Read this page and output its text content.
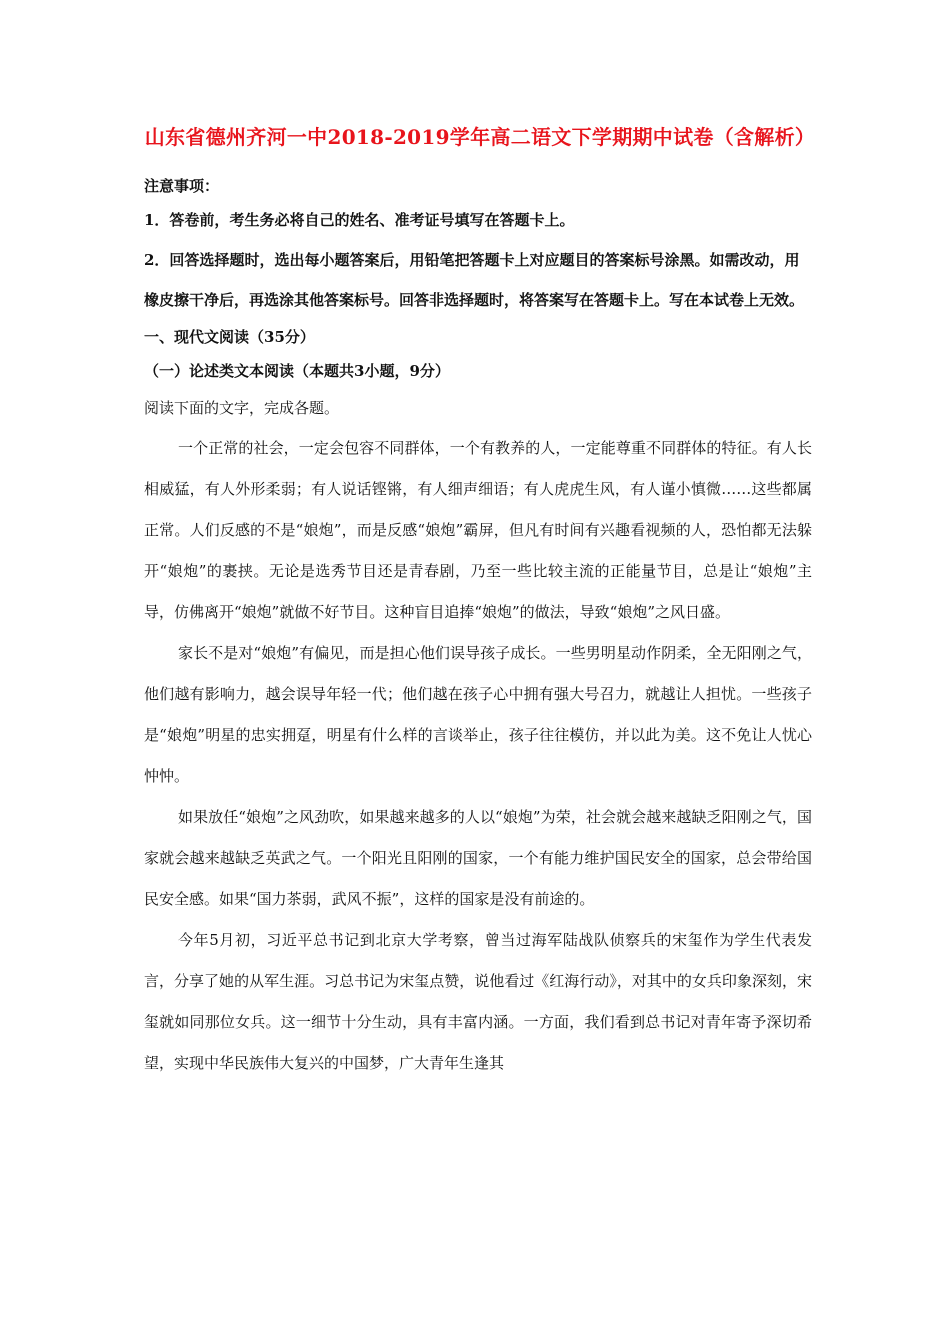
山东省德州齐河一中2018-2019学年高二语文下学期期中试卷（含解析）
注意事项：

1．答卷前，考生务必将自己的姓名、准考证号填写在答题卡上。

2．回答选择题时，选出每小题答案后，用铅笔把答题卡上对应题目的答案标号涂黑。如需改动，用橡皮擦干净后，再选涂其他答案标号。回答非选择题时，将答案写在答题卡上。写在本试卷上无效。

一、现代文阅读（35分）

（一）论述类文本阅读（本题共3小题，9分）

阅读下面的文字，完成各题。

一个正常的社会，一定会包容不同群体，一个有教养的人，一定能尊重不同群体的特征。有人长相威猛，有人外形柔弱；有人说话铿锵，有人细声细语；有人虎虎生风，有人谨小慎微……这些都属正常。人们反感的不是“娘炮”，而是反感“娘炮”霸屏，但凡有时间有兴趣看视频的人，恐怕都无法躲开“娘炮”的裹挟。无论是选秀节目还是青春剧，乃至一些比较主流的正能量节目，总是让“娘炮”主导，仿佛离开“娘炮”就做不好节目。这种盲目追捧“娘炮”的做法，导致“娘炮”之风日盛。

家长不是对“娘炮”有偏见，而是担心他们误导孩子成长。一些男明星动作阴柔，全无阳刚之气，他们越有影响力，越会误导年轻一代；他们越在孩子心中拥有强大号召力，就越让人担忧。一些孩子是“娘炮”明星的忠实拥趸，明星有什么样的言谈举止，孩子往往模仿，并以此为美。这不免让人忧心忡忡。

如果放任“娘炮”之风劲吹，如果越来越多的人以“娘炮”为荣，社会就会越来越缺乏阳刚之气，国家就会越来越缺乏英武之气。一个阳光且阳刚的国家，一个有能力维护国民安全的国家，总会带给国民安全感。如果“国力茶弱，武风不振”，这样的国家是没有前途的。

今年5月初，习近平总书记到北京大学考察，曾当过海军陆战队侦察兵的宋玺作为学生代表发言，分享了她的从军生涯。习总书记为宋玺点赞，说他看过《红海行动》，对其中的女兵印象深刻，宋玺就如同那位女兵。这一细节十分生动，具有丰富内涵。一方面，我们看到总书记对青年寄予深切希望，实现中华民族伟大复兴的中国梦，广大青年生逢其
